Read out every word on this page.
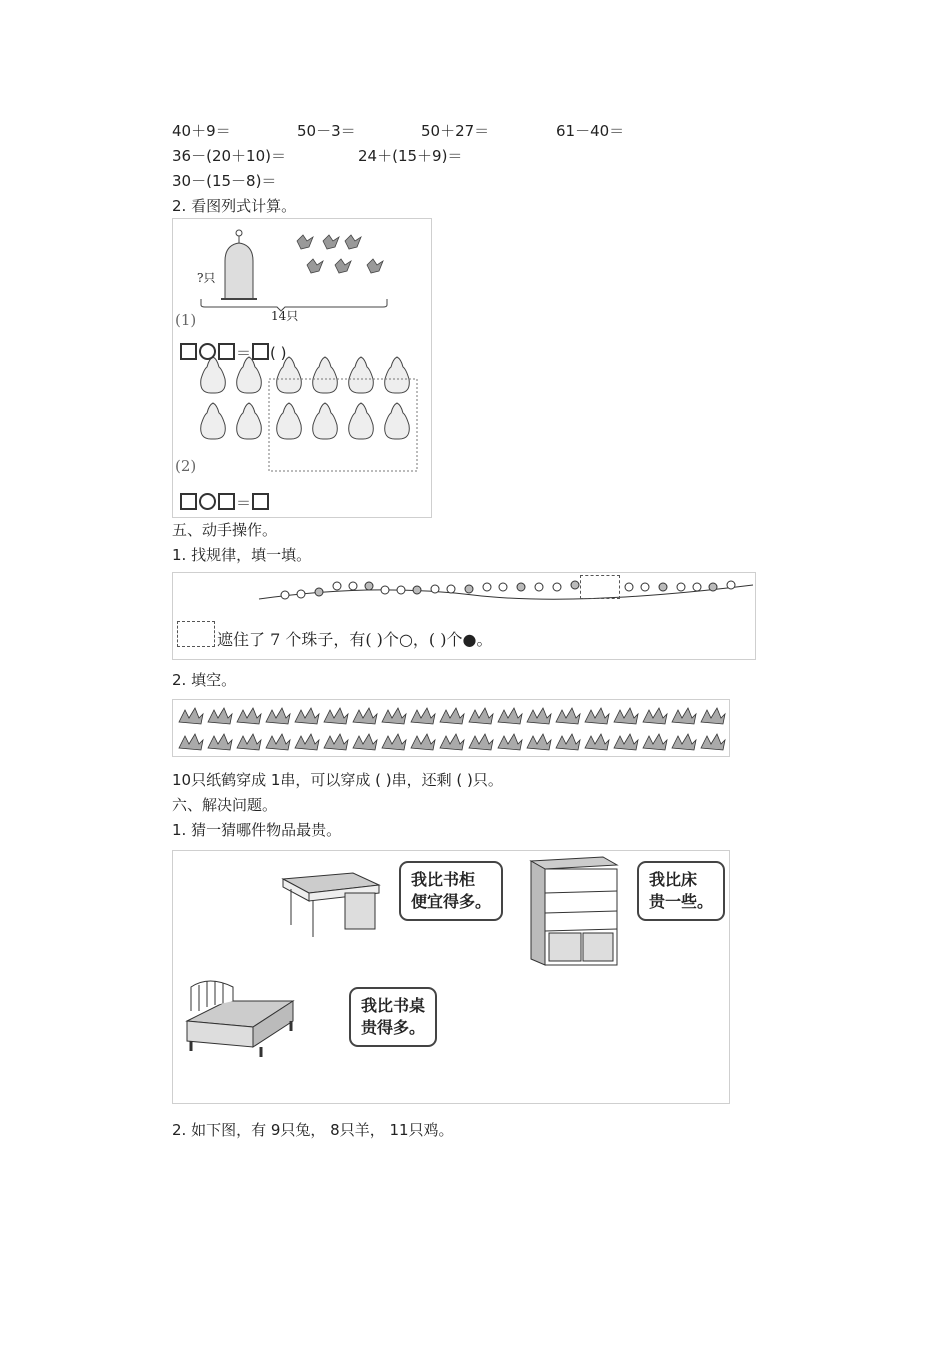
40＋9＝	50－3＝	50＋27＝	61－40＝
36－(20＋10)＝	24＋(15＋9)＝
30－(15－8)＝
2. 看图列式计算。
?只
14只
(1)
＝ ( )
(2)
＝
五、动手操作。
1. 找规律，填一填。
遮住了 7 个珠子，有( )个○，( )个●。
2. 填空。
10只纸鹤穿成 1串，可以穿成 ( )串，还剩 ( )只。
六、解决问题。
1. 猜一猜哪件物品最贵。
我比书柜
便宜得多。
我比床
贵一些。
我比书桌
贵得多。
2. 如下图，有 9只兔， 8只羊， 11只鸡。
